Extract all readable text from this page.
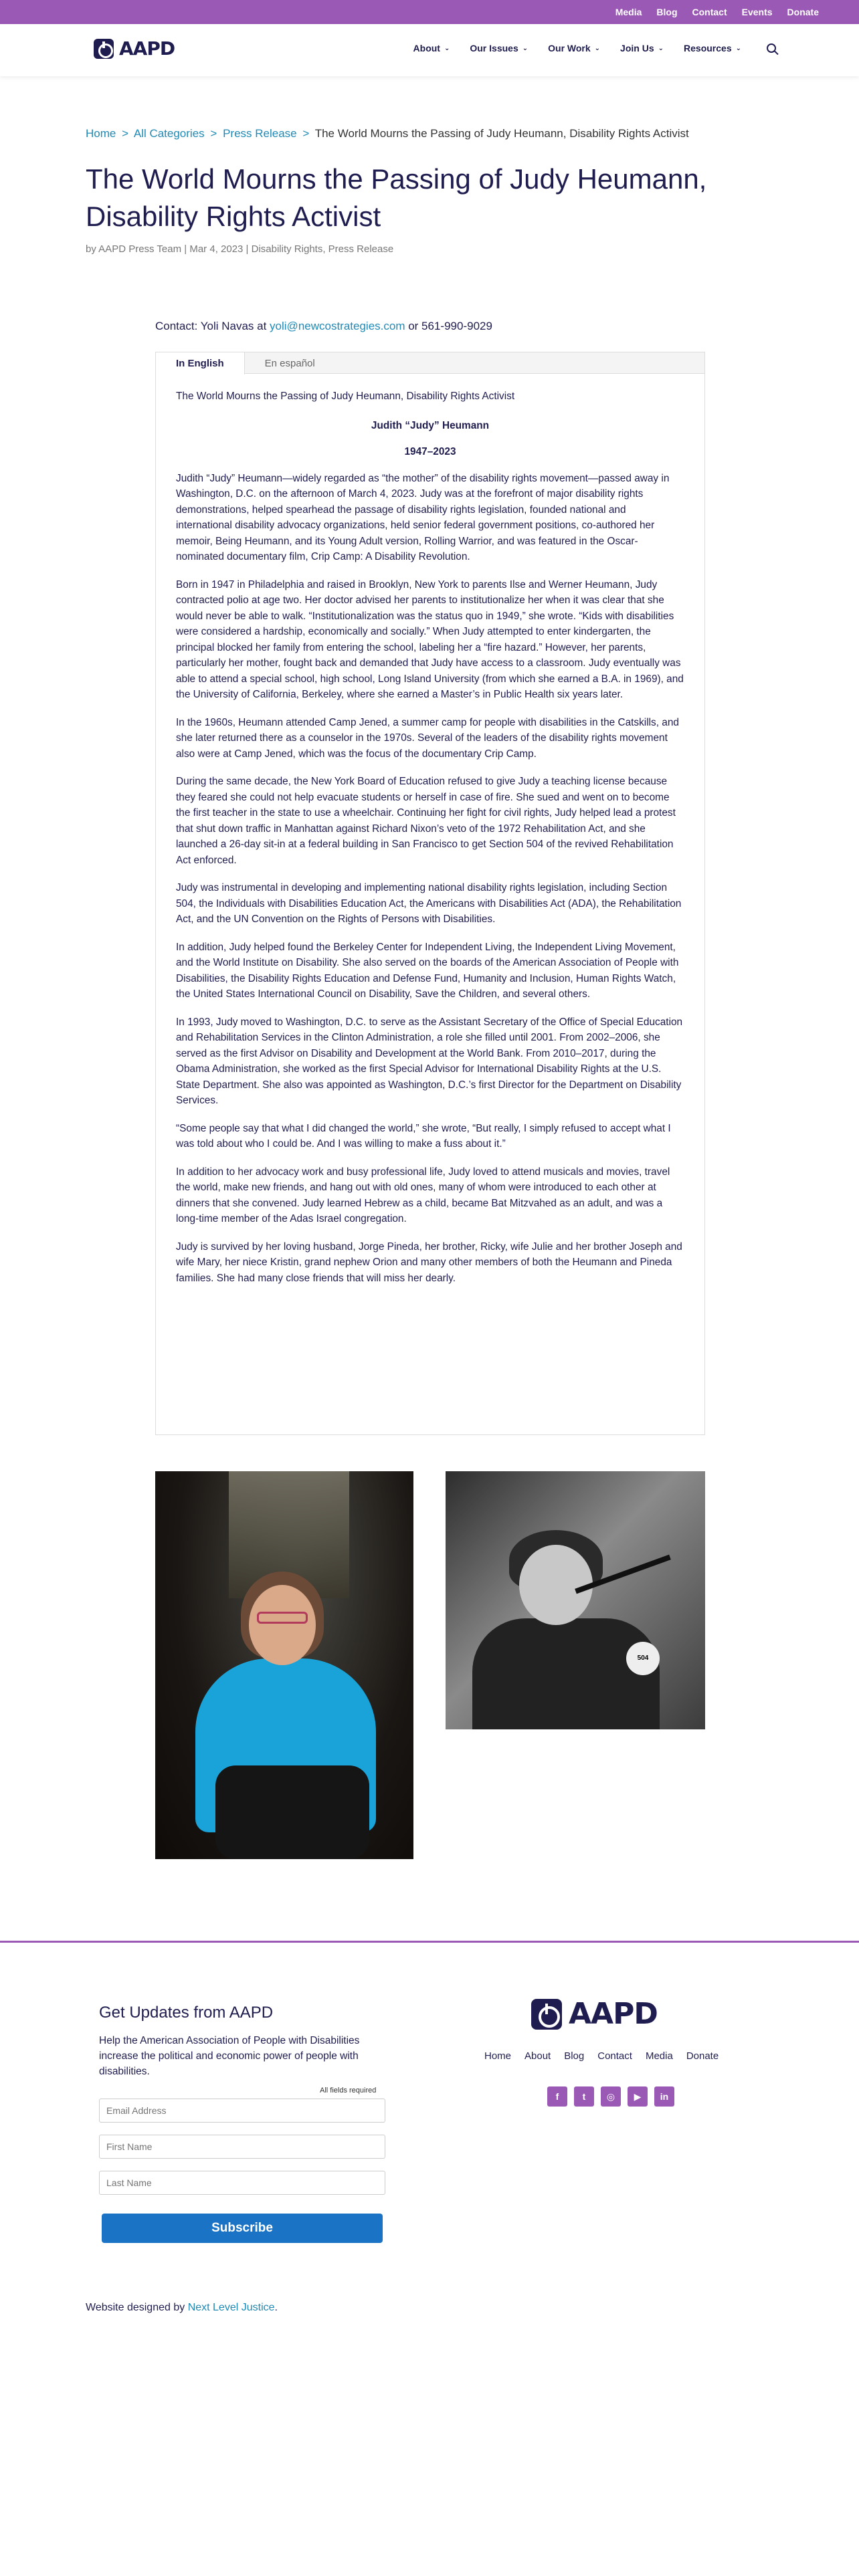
Media Blog Contact Events Donate
AAPD	About ⌄ Our Issues ⌄ Our Work ⌄ Join Us ⌄ Resources ⌄
Home > All Categories > Press Release > The World Mourns the Passing of Judy Heumann, Disability Rights Activist
The World Mourns the Passing of Judy Heumann, Disability Rights Activist
by AAPD Press Team | Mar 4, 2023 | Disability Rights, Press Release
Contact: Yoli Navas at yoli@newcostrategies.com or 561-990-9029
In English	En español

The World Mourns the Passing of Judy Heumann, Disability Rights Activist

Judith “Judy” Heumann

1947–2023

Judith “Judy” Heumann—widely regarded as “the mother” of the disability rights movement—passed away in Washington, D.C. on the afternoon of March 4, 2023. Judy was at the forefront of major disability rights demonstrations, helped spearhead the passage of disability rights legislation, founded national and international disability advocacy organizations, held senior federal government positions, co-authored her memoir, Being Heumann, and its Young Adult version, Rolling Warrior, and was featured in the Oscar-nominated documentary film, Crip Camp: A Disability Revolution.

Born in 1947 in Philadelphia and raised in Brooklyn, New York to parents Ilse and Werner Heumann, Judy contracted polio at age two. Her doctor advised her parents to institutionalize her when it was clear that she would never be able to walk. “Institutionalization was the status quo in 1949,” she wrote. “Kids with disabilities were considered a hardship, economically and socially.” When Judy attempted to enter kindergarten, the principal blocked her family from entering the school, labeling her a “fire hazard.” However, her parents, particularly her mother, fought back and demanded that Judy have access to a classroom. Judy eventually was able to attend a special school, high school, Long Island University (from which she earned a B.A. in 1969), and the University of California, Berkeley, where she earned a Master’s in Public Health six years later.

In the 1960s, Heumann attended Camp Jened, a summer camp for people with disabilities in the Catskills, and she later returned there as a counselor in the 1970s. Several of the leaders of the disability rights movement also were at Camp Jened, which was the focus of the documentary Crip Camp.

During the same decade, the New York Board of Education refused to give Judy a teaching license because they feared she could not help evacuate students or herself in case of fire. She sued and went on to become the first teacher in the state to use a wheelchair. Continuing her fight for civil rights, Judy helped lead a protest that shut down traffic in Manhattan against Richard Nixon’s veto of the 1972 Rehabilitation Act, and she launched a 26-day sit-in at a federal building in San Francisco to get Section 504 of the revived Rehabilitation Act enforced.

Judy was instrumental in developing and implementing national disability rights legislation, including Section 504, the Individuals with Disabilities Education Act, the Americans with Disabilities Act (ADA), the Rehabilitation Act, and the UN Convention on the Rights of Persons with Disabilities.

In addition, Judy helped found the Berkeley Center for Independent Living, the Independent Living Movement, and the World Institute on Disability. She also served on the boards of the American Association of People with Disabilities, the Disability Rights Education and Defense Fund, Humanity and Inclusion, Human Rights Watch, the United States International Council on Disability, Save the Children, and several others.

In 1993, Judy moved to Washington, D.C. to serve as the Assistant Secretary of the Office of Special Education and Rehabilitation Services in the Clinton Administration, a role she filled until 2001. From 2002–2006, she served as the first Advisor on Disability and Development at the World Bank. From 2010–2017, during the Obama Administration, she worked as the first Special Advisor for International Disability Rights at the U.S. State Department. She also was appointed as Washington, D.C.’s first Director for the Department on Disability Services.

“Some people say that what I did changed the world,” she wrote, “But really, I simply refused to accept what I was told about who I could be. And I was willing to make a fuss about it.”

In addition to her advocacy work and busy professional life, Judy loved to attend musicals and movies, travel the world, make new friends, and hang out with old ones, many of whom were introduced to each other at dinners that she convened. Judy learned Hebrew as a child, became Bat Mitzvahed as an adult, and was a long-time member of the Adas Israel congregation.

Judy is survived by her loving husband, Jorge Pineda, her brother, Ricky, wife Julie and her brother Joseph and wife Mary, her niece Kristin, grand nephew Orion and many other members of both the Heumann and Pineda families. She had many close friends that will miss her dearly.

504
Get Updates from AAPD
Help the American Association of People with Disabilities increase the political and economic power of people with disabilities.
All fields required
Email Address
First Name
Last Name
Subscribe
AAPD
Home About Blog Contact Media Donate
f	t	◎	▶	in
Website designed by Next Level Justice.
